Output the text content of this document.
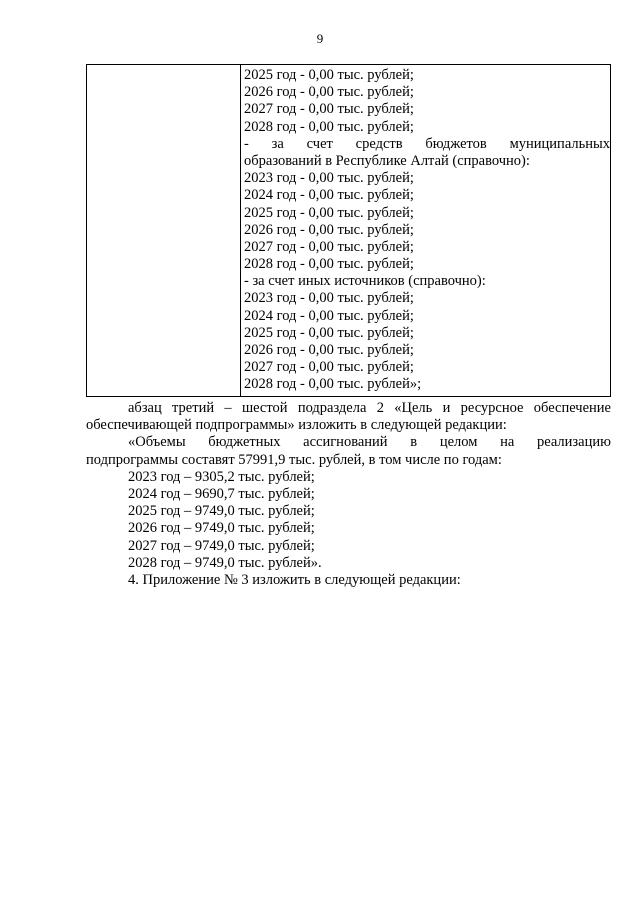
9

2025 год - 0,00 тыс. рублей;
2026 год - 0,00 тыс. рублей;
2027 год - 0,00 тыс. рублей;
2028 год - 0,00 тыс. рублей;
- за счет средств бюджетов муниципальных
образований в Республике Алтай (справочно):
2023 год - 0,00 тыс. рублей;
2024 год - 0,00 тыс. рублей;
2025 год - 0,00 тыс. рублей;
2026 год - 0,00 тыс. рублей;
2027 год - 0,00 тыс. рублей;
2028 год - 0,00 тыс. рублей;
- за счет иных источников (справочно):
2023 год - 0,00 тыс. рублей;
2024 год - 0,00 тыс. рублей;
2025 год - 0,00 тыс. рублей;
2026 год - 0,00 тыс. рублей;
2027 год - 0,00 тыс. рублей;
2028 год - 0,00 тыс. рублей»;
абзац третий – шестой подраздела 2 «Цель и ресурсное обеспечение
обеспечивающей подпрограммы» изложить в следующей редакции:
«Объемы бюджетных ассигнований в целом на реализацию
подпрограммы составят 57991,9 тыс. рублей, в том числе по годам:
2023 год – 9305,2 тыс. рублей;
2024 год – 9690,7 тыс. рублей;
2025 год – 9749,0 тыс. рублей;
2026 год – 9749,0 тыс. рублей;
2027 год – 9749,0 тыс. рублей;
2028 год – 9749,0 тыс. рублей».
4. Приложение № 3 изложить в следующей редакции:
